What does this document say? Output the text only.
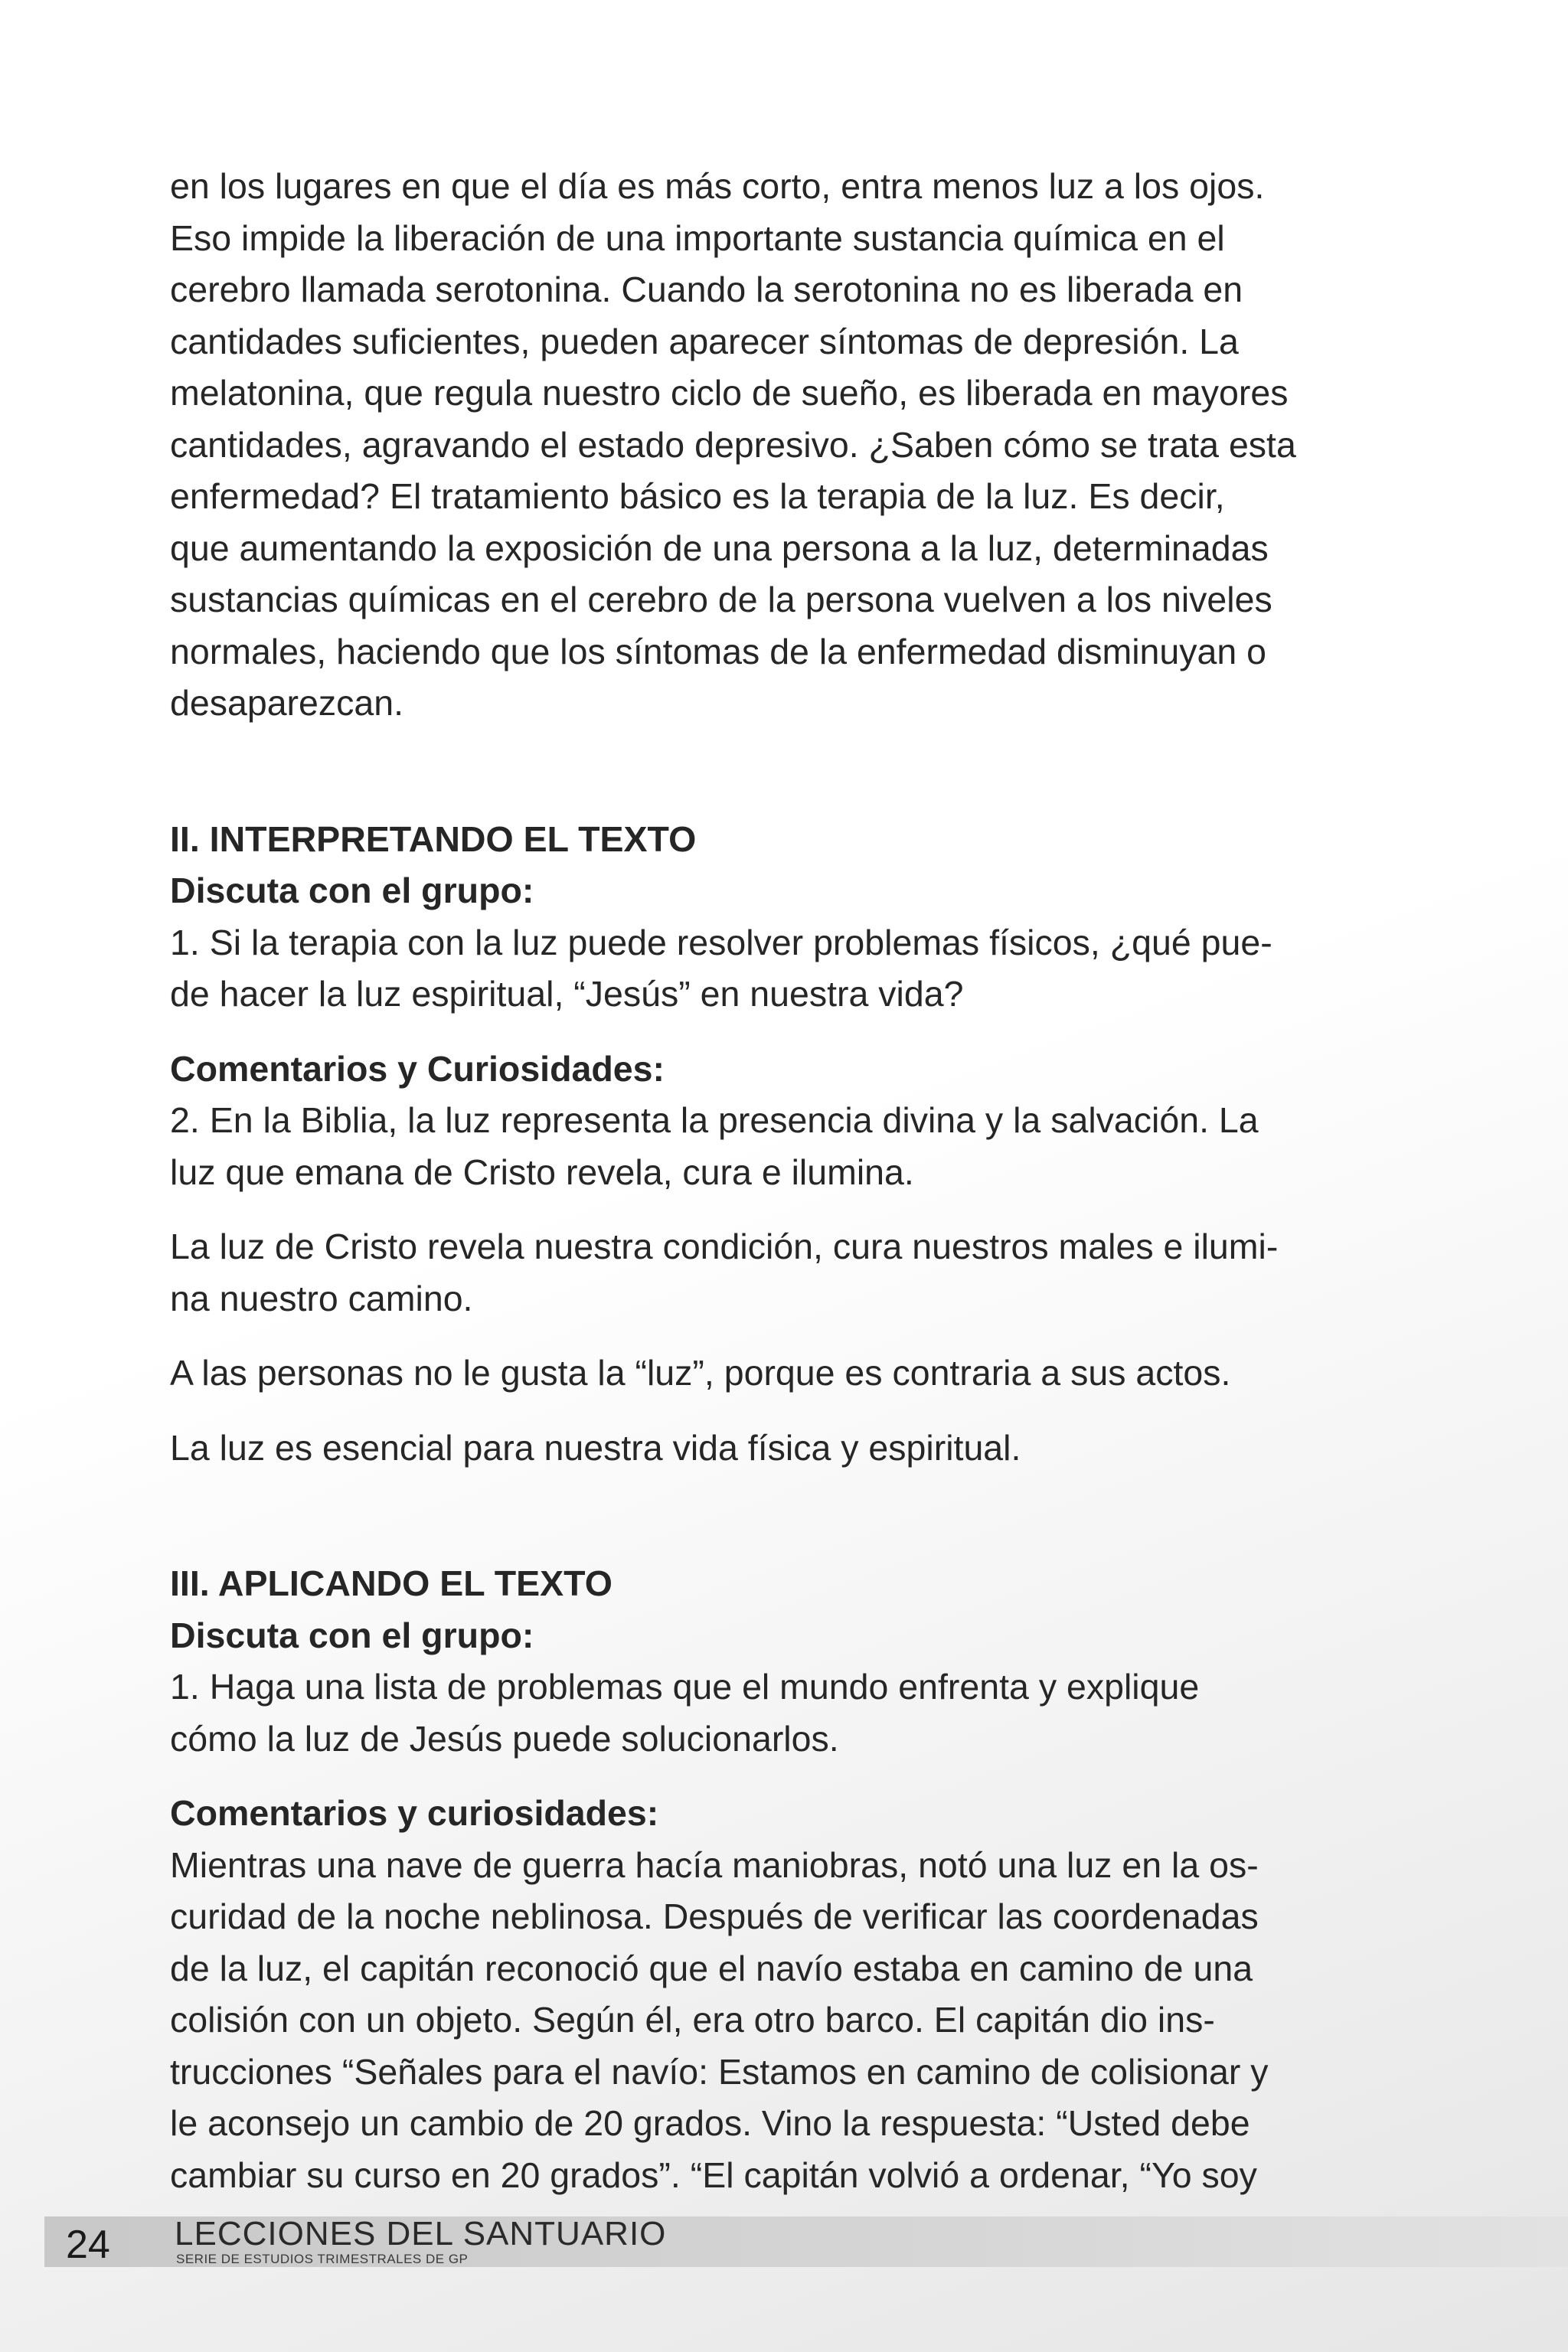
en los lugares en que el día es más corto, entra menos luz a los ojos.

Eso impide la liberación de una importante sustancia química en el

cerebro llamada serotonina. Cuando la serotonina no es liberada en

cantidades suficientes, pueden aparecer síntomas de depresión. La

melatonina, que regula nuestro ciclo de sueño, es liberada en mayores

cantidades, agravando el estado depresivo. ¿Saben cómo se trata esta

enfermedad? El tratamiento básico es la terapia de la luz. Es decir,

que aumentando la exposición de una persona a la luz, determinadas

sustancias químicas en el cerebro de la persona vuelven a los niveles

normales, haciendo que los síntomas de la enfermedad disminuyan o

desaparezcan.

II. INTERPRETANDO EL TEXTO

Discuta con el grupo:

1. Si la terapia con la luz puede resolver problemas físicos, ¿qué pue-

de hacer la luz espiritual, “Jesús” en nuestra vida?

Comentarios y Curiosidades:

2. En la Biblia, la luz representa la presencia divina y la salvación. La

luz que emana de Cristo revela, cura e ilumina.

La luz de Cristo revela nuestra condición, cura nuestros males e ilumi-

na nuestro camino.

A las personas no le gusta la “luz”, porque es contraria a sus actos.

La luz es esencial para nuestra vida física y espiritual.

III. APLICANDO EL TEXTO

Discuta con el grupo:

1. Haga una lista de problemas que el mundo enfrenta y explique

cómo la luz de Jesús puede solucionarlos.

Comentarios y curiosidades:

Mientras una nave de guerra hacía maniobras, notó una luz en la os-

curidad de la noche neblinosa. Después de verificar las coordenadas

de la luz, el capitán reconoció que el navío estaba en camino de una

colisión con un objeto. Según él, era otro barco. El capitán dio ins-

trucciones “Señales para el navío: Estamos en camino de colisionar y

le aconsejo un cambio de 20 grados. Vino la respuesta: “Usted debe

cambiar su curso en 20 grados”. “El capitán volvió a ordenar, “Yo soy

24 LECCIONES DEL SANTUARIO
SERIE DE ESTUDIOS TRIMESTRALES DE GP
